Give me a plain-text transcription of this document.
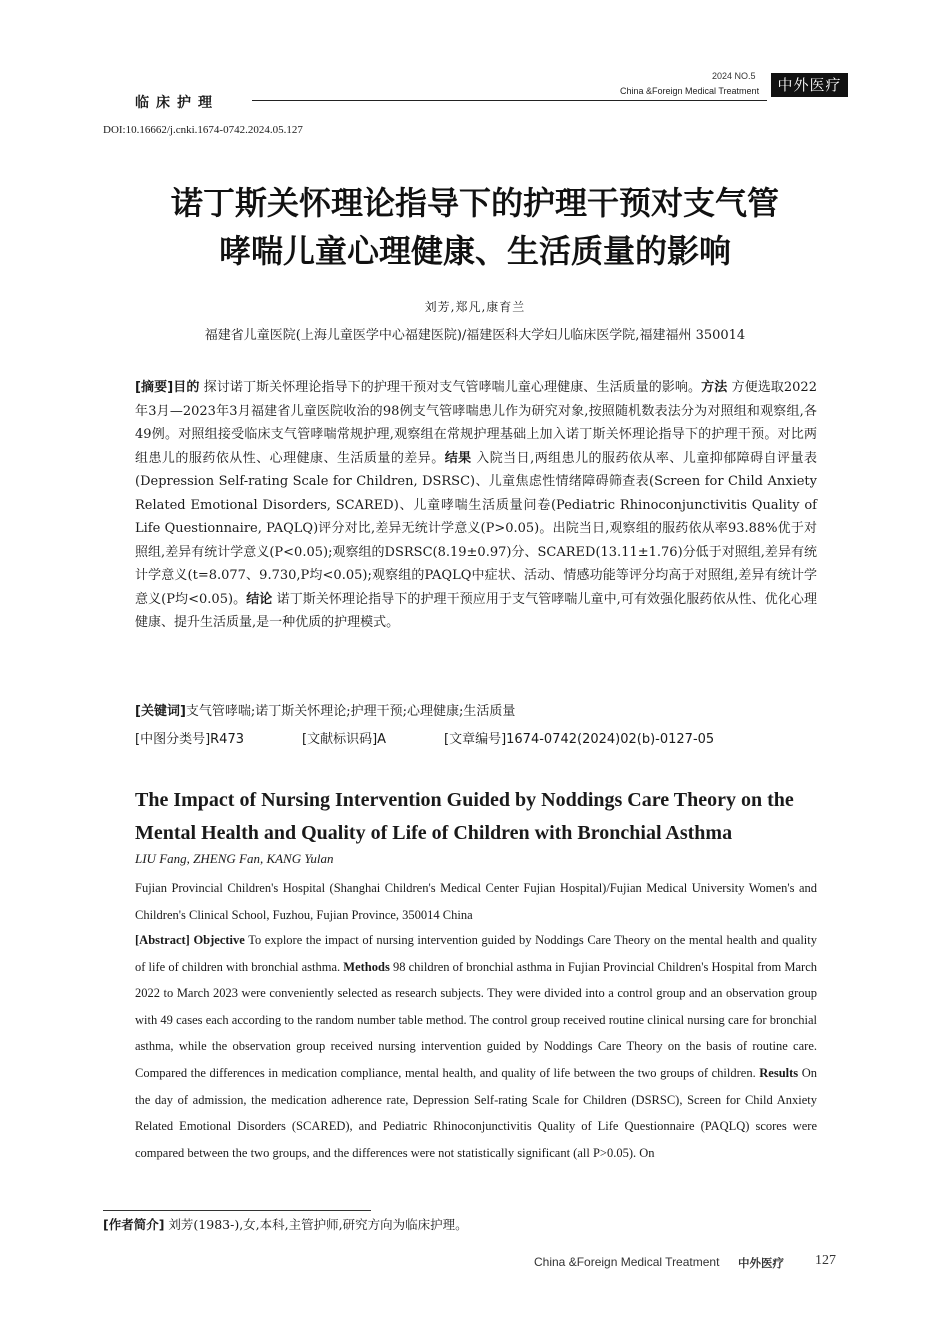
临床护理
2024 NO.5
China &Foreign Medical Treatment	中外医疗
DOI:10.16662/j.cnki.1674-0742.2024.05.127
诺丁斯关怀理论指导下的护理干预对支气管
哮喘儿童心理健康、生活质量的影响
刘芳,郑凡,康育兰
福建省儿童医院(上海儿童医学中心福建医院)/福建医科大学妇儿临床医学院,福建福州 350014
[摘要]目的 探讨诺丁斯关怀理论指导下的护理干预对支气管哮喘儿童心理健康、生活质量的影响。方法 方便选取2022年3月—2023年3月福建省儿童医院收治的98例支气管哮喘患儿作为研究对象,按照随机数表法分为对照组和观察组,各49例。对照组接受临床支气管哮喘常规护理,观察组在常规护理基础上加入诺丁斯关怀理论指导下的护理干预。对比两组患儿的服药依从性、心理健康、生活质量的差异。结果 入院当日,两组患儿的服药依从率、儿童抑郁障碍自评量表(Depression Self-rating Scale for Children, DSRSC)、儿童焦虑性情绪障碍筛查表(Screen for Child Anxiety Related Emotional Disorders, SCARED)、儿童哮喘生活质量问卷(Pediatric Rhinoconjunctivitis Quality of Life Questionnaire, PAQLQ)评分对比,差异无统计学意义(P>0.05)。出院当日,观察组的服药依从率93.88%优于对照组,差异有统计学意义(P<0.05);观察组的DSRSC(8.19±0.97)分、SCARED(13.11±1.76)分低于对照组,差异有统计学意义(t=8.077、9.730,P均<0.05);观察组的PAQLQ中症状、活动、情感功能等评分均高于对照组,差异有统计学意义(P均<0.05)。结论 诺丁斯关怀理论指导下的护理干预应用于支气管哮喘儿童中,可有效强化服药依从性、优化心理健康、提升生活质量,是一种优质的护理模式。
[关键词]支气管哮喘;诺丁斯关怀理论;护理干预;心理健康;生活质量
[中图分类号]R473	[文献标识码]A	[文章编号]1674-0742(2024)02(b)-0127-05
The Impact of Nursing Intervention Guided by Noddings Care Theory on the Mental Health and Quality of Life of Children with Bronchial Asthma
LIU Fang, ZHENG Fan, KANG Yulan
Fujian Provincial Children's Hospital (Shanghai Children's Medical Center Fujian Hospital)/Fujian Medical University Women's and Children's Clinical School, Fuzhou, Fujian Province, 350014 China
[Abstract] Objective To explore the impact of nursing intervention guided by Noddings Care Theory on the mental health and quality of life of children with bronchial asthma. Methods 98 children of bronchial asthma in Fujian Provincial Children's Hospital from March 2022 to March 2023 were conveniently selected as research subjects. They were divided into a control group and an observation group with 49 cases each according to the random number table method. The control group received routine clinical nursing care for bronchial asthma, while the observation group received nursing intervention guided by Noddings Care Theory on the basis of routine care. Compared the differences in medication compliance, mental health, and quality of life between the two groups of children. Results On the day of admission, the medication adherence rate, Depression Self-rating Scale for Children (DSRSC), Screen for Child Anxiety Related Emotional Disorders (SCARED), and Pediatric Rhinoconjunctivitis Quality of Life Questionnaire (PAQLQ) scores were compared between the two groups, and the differences were not statistically significant (all P>0.05). On
[作者简介] 刘芳(1983-),女,本科,主管护师,研究方向为临床护理。
China &Foreign Medical Treatment 中外医疗 127
